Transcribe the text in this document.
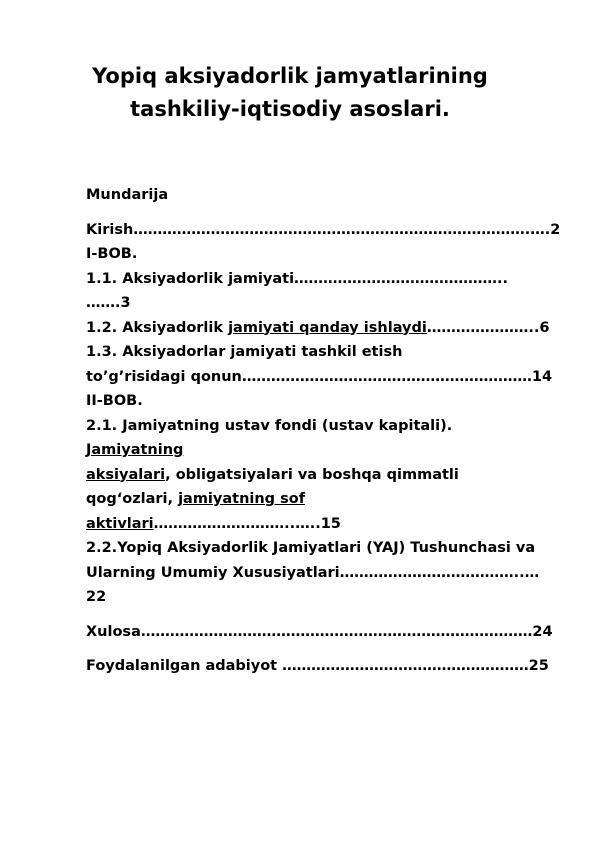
Yopiq aksiyadorlik jamyatlarining
tashkiliy-iqtisodiy asoslari.

Mundarija

Kirish……………………………………………………………………….….2

I-BOB.

1.1. Aksiyadorlik jamiyati……………………………………..

…….3

1.2. Aksiyadorlik jamiyati qanday ishlaydi…………………..6

1.3. Aksiyadorlar jamiyati tashkil etish

to’g’risidagi qonun……………………………………………………14

II-BOB.

2.1. Jamiyatning ustav fondi (ustav kapitali). Jamiyatning

aksiyalari, obligatsiyalari va boshqa qimmatli

qog‘ozlari, jamiyatning sof aktivlari………………………..…..15

2.2.Yopiq Aksiyadorlik Jamiyatlari (YAJ) Tushunchasi va

Ularning Umumiy Xususiyatlari………………………………..…22

Xulosa………………………………………………………………………24

Foydalanilgan adabiyot ……………………………………………25
